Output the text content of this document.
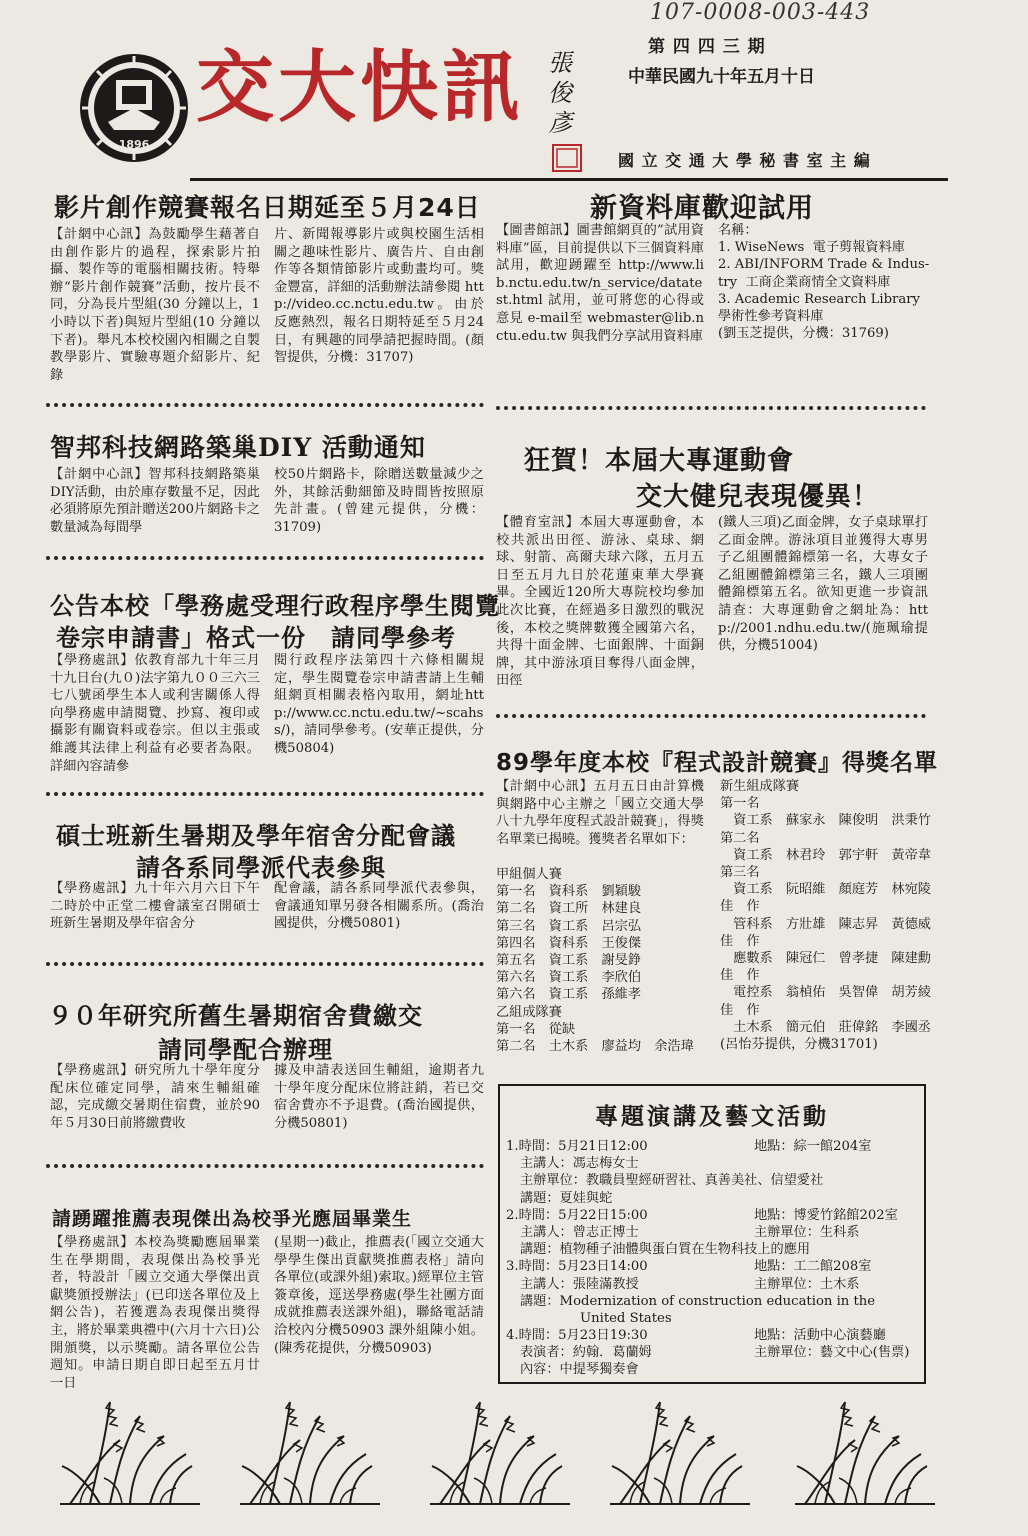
107-0008-003-443
1896
交大快訊 張俊彥
第 四 四 三 期
中華民國九十年五月十日
國 立 交 通 大 學 秘 書 室 主 編
影片創作競賽報名日期延至５月24日
【計網中心訊】為鼓勵學生藉著自由創作影片的過程，探索影片拍攝、製作等的電腦相關技術。特舉辦“影片創作競賽”活動，按片長不同，分為長片型組(30 分鐘以上，1小時以下者)與短片型組(10 分鐘以下者)。舉凡本校校園內相關之自製教學影片、實驗專題介紹影片、紀錄
片、新聞報導影片或與校園生活相關之趣味性影片、廣告片、自由創作等各類情節影片或動畫均可。獎金豐富，詳細的活動辦法請參閱 http://video.cc.nctu.edu.tw。由於反應熱烈，報名日期特延至５月24日，有興趣的同學請把握時間。(顏智提供，分機：31707)
新資料庫歡迎試用
【圖書館訊】圖書館網頁的”試用資料庫”區，目前提供以下三個資料庫試用，歡迎踴躍至 http://www.lib.nctu.edu.tw/n_service/datatest.html 試用，並可將您的心得或意見 e-mail至 webmaster@lib.nctu.edu.tw 與我們分享試用資料庫
名稱：
1. WiseNews  電子剪報資料庫
2. ABI/INFORM Trade & Indus-
try  工商企業商情全文資料庫
3. Academic Research Library
學術性參考資料庫
(劉玉芝提供，分機：31769)
智邦科技網路築巢DIY 活動通知
【計網中心訊】智邦科技網路築巢DIY活動，由於庫存數量不足，因此必須將原先預計贈送200片網路卡之數量減為每間學
校50片網路卡，除贈送數量減少之外，其餘活動細節及時間皆按照原先計畫。(曾建元提供，分機：31709)
狂賀！本屆大專運動會
交大健兒表現優異！
【體育室訊】本屆大專運動會，本校共派出田徑、游泳、桌球、網球、射箭、高爾夫球六隊，五月五日至五月九日於花蓮東華大學賽畢。全國近120所大專院校均參加此次比賽，在經過多日激烈的戰況後，本校之獎牌數獲全國第六名，共得十面金牌、七面銀牌、十面銅牌，其中游泳項目奪得八面金牌，田徑
(鐵人三項)乙面金牌，女子桌球單打乙面金牌。游泳項目並獲得大專男子乙組團體錦標第一名，大專女子乙組團體錦標第三名，鐵人三項團體錦標第五名。欲知更進一步資訊請查：大專運動會之網址為：http://2001.ndhu.edu.tw/(施珮瑜提供，分機51004)
公告本校「學務處受理行政程序學生閱覽
卷宗申請書」格式一份　請同學參考
【學務處訊】依教育部九十年三月十九日台(九０)法字第九００三六三七八號函學生本人或利害關係人得向學務處申請閱覽、抄寫、複印或攝影有關資料或卷宗。但以主張或維護其法律上利益有必要者為限。詳細內容請參
閱行政程序法第四十六條相關規定，學生閱覽卷宗申請書請上生輔組網頁相關表格內取用，網址http://www.cc.nctu.edu.tw/~scahss/)，請同學參考。(安華正提供，分機50804)
89學年度本校『程式設計競賽』得獎名單
【計網中心訊】五月五日由計算機與網路中心主辦之「國立交通大學八十九學年度程式設計競賽」，得獎名單業已揭曉。獲獎者名單如下：
甲組個人賽
第一名　資科系　劉穎駿
第二名　資工所　林建良
第三名　資工系　呂宗弘
第四名　資科系　王俊傑
第五名　資工系　謝旻錚
第六名　資工系　李欣伯
第六名　資工系　孫維孝
乙組成隊賽
第一名　從缺
第二名　土木系　廖益均　余浩瑋
新生組成隊賽
第一名
　資工系　蘇家永　陳俊明　洪秉竹
第二名
　資工系　林君玲　郭宇軒　黃帝韋
第三名
　資工系　阮昭維　顏庭芳　林宛陵
佳　作
　管科系　方壯雄　陳志昇　黃德威
佳　作
　應數系　陳冠仁　曾孝捷　陳建勳
佳　作
　電控系　翁楨佑　吳智偉　胡芳綾
佳　作
　土木系　簡元伯　莊偉銘　李國丞
(呂怡芬提供，分機31701)
碩士班新生暑期及學年宿舍分配會議
請各系同學派代表參與
【學務處訊】九十年六月六日下午二時於中正堂二樓會議室召開碩士班新生暑期及學年宿舍分
配會議，請各系同學派代表參與，會議通知單另發各相關系所。(喬治國提供，分機50801)
９０年研究所舊生暑期宿舍費繳交
請同學配合辦理
【學務處訊】研究所九十學年度分配床位確定同學，請來生輔組確認，完成繳交暑期住宿費，並於90年５月30日前將繳費收
據及申請表送回生輔組，逾期者九十學年度分配床位將註銷，若已交宿舍費亦不予退費。(喬治國提供，分機50801)
請踴躍推薦表現傑出為校爭光應屆畢業生
【學務處訊】本校為獎勵應屆畢業生在學期間，表現傑出為校爭光者，特設計「國立交通大學傑出貢獻獎頒授辦法」(已印送各單位及上網公告)，若獲選為表現傑出獎得主，將於畢業典禮中(六月十六日)公開頒獎，以示獎勵。請各單位公告週知。申請日期自即日起至五月廿一日
(星期一)截止，推薦表(「國立交通大學學生傑出貢獻獎推薦表格」請向各單位(或課外組)索取。)經單位主管簽章後，逕送學務處(學生社團方面成就推薦表送課外組)，聯絡電話請洽校內分機50903 課外組陳小姐。(陳秀花提供，分機50903)
專題演講及藝文活動
1.時間：5月21日12:00	地點：綜一館204室
主講人：馮志梅女士
主辦單位：教職員聖經研習社、真善美社、信望愛社
講題：夏娃與蛇
2.時間：5月22日15:00	地點：博愛竹銘館202室
主講人：曾志正博士	主辦單位：生科系
講題：植物種子油體與蛋白質在生物科技上的應用
3.時間：5月23日14:00	地點：工二館208室
主講人：張陸滿教授	主辦單位：土木系
講題：Modernization of construction education in the
United States
4.時間：5月23日19:30	地點：活動中心演藝廳
表演者：約翰．葛蘭姆	主辦單位：藝文中心(售票)
內容：中提琴獨奏會
